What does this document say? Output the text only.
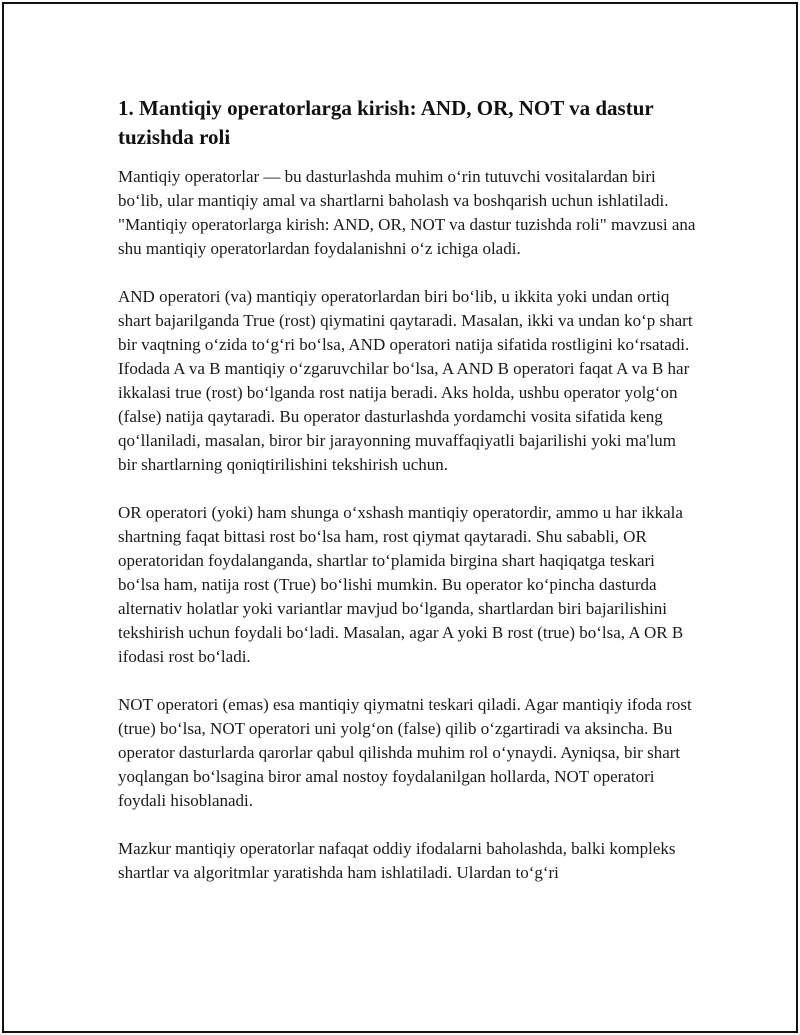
1. Mantiqiy operatorlarga kirish: AND, OR, NOT va dastur tuzishda roli

Mantiqiy operatorlar — bu dasturlashda muhim oʻrin tutuvchi vositalardan biri boʻlib, ular mantiqiy amal va shartlarni baholash va boshqarish uchun ishlatiladi. "Mantiqiy operatorlarga kirish: AND, OR, NOT va dastur tuzishda roli" mavzusi ana shu mantiqiy operatorlardan foydalanishni oʻz ichiga oladi.

AND operatori (va) mantiqiy operatorlardan biri boʻlib, u ikkita yoki undan ortiq shart bajarilganda True (rost) qiymatini qaytaradi. Masalan, ikki va undan koʻp shart bir vaqtning oʻzida toʻgʻri boʻlsa, AND operatori natija sifatida rostligini koʻrsatadi. Ifodada A va B mantiqiy oʻzgaruvchilar boʻlsa, A AND B operatori faqat A va B har ikkalasi true (rost) boʻlganda rost natija beradi. Aks holda, ushbu operator yolgʻon (false) natija qaytaradi. Bu operator dasturlashda yordamchi vosita sifatida keng qoʻllaniladi, masalan, biror bir jarayonning muvaffaqiyatli bajarilishi yoki ma'lum bir shartlarning qoniqtirilishini tekshirish uchun.

OR operatori (yoki) ham shunga oʻxshash mantiqiy operatordir, ammo u har ikkala shartning faqat bittasi rost boʻlsa ham, rost qiymat qaytaradi. Shu sababli, OR operatoridan foydalanganda, shartlar toʻplamida birgina shart haqiqatga teskari boʻlsa ham, natija rost (True) boʻlishi mumkin. Bu operator koʻpincha dasturda alternativ holatlar yoki variantlar mavjud boʻlganda, shartlardan biri bajarilishini tekshirish uchun foydali boʻladi. Masalan, agar A yoki B rost (true) boʻlsa, A OR B ifodasi rost boʻladi.

NOT operatori (emas) esa mantiqiy qiymatni teskari qiladi. Agar mantiqiy ifoda rost (true) boʻlsa, NOT operatori uni yolgʻon (false) qilib oʻzgartiradi va aksincha. Bu operator dasturlarda qarorlar qabul qilishda muhim rol oʻynaydi. Ayniqsa, bir shart yoqlangan boʻlsagina biror amal nostoy foydalanilgan hollarda, NOT operatori foydali hisoblanadi.

Mazkur mantiqiy operatorlar nafaqat oddiy ifodalarni baholashda, balki kompleks shartlar va algoritmlar yaratishda ham ishlatiladi. Ulardan toʻgʻri
